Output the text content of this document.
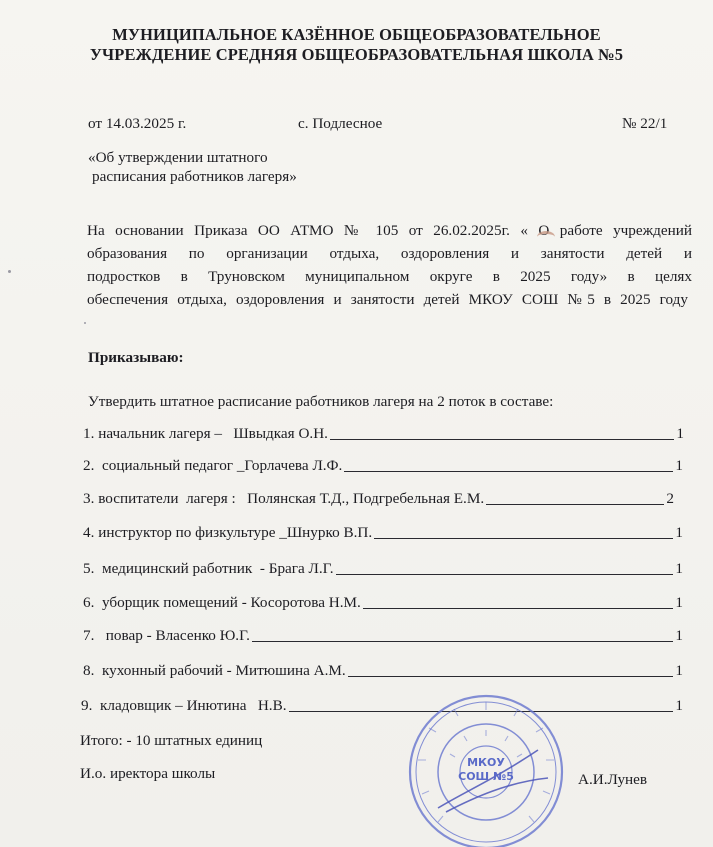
МУНИЦИПАЛЬНОЕ КАЗЁННОЕ ОБЩЕОБРАЗОВАТЕЛЬНОЕ
УЧРЕЖДЕНИЕ СРЕДНЯЯ ОБЩЕОБРАЗОВАТЕЛЬНАЯ ШКОЛА №5
от 14.03.2025 г.	с. Подлесное	№ 22/1
«Об утверждении штатного
расписания работников лагеря»
На основании Приказа ОО АТМО № 105 от 26.02.2025г. « О работе учреждений
образования по организации отдыха, оздоровления и занятости детей и
подростков в Труновском муниципальном округе в 2025 году» в целях
обеспечения отдыха, оздоровления и занятости детей МКОУ СОШ №5 в 2025 году
Приказываю:
Утвердить штатное расписание работников лагеря на 2 поток в составе:
1. начальник лагеря –   Швыдкая О.Н.	1
2.  социальный педагог _Горлачева Л.Ф.	1
3. воспитатели  лагеря :   Полянская Т.Д., Подгребельная Е.М.	2
4. инструктор по физкультуре _Шнурко В.П.	1
5.  медицинский работник  - Брага Л.Г.	1
6.  уборщик помещений - Косоротова Н.М.	1
7.   повар - Власенко Ю.Г.	1
8.  кухонный рабочий - Митюшина А.М.	1
9.  кладовщик – Инютина   Н.В.	1
Итого: - 10 штатных единиц
И.о. иректора школы	А.И.Лунев
МКОУ
СОШ №5
